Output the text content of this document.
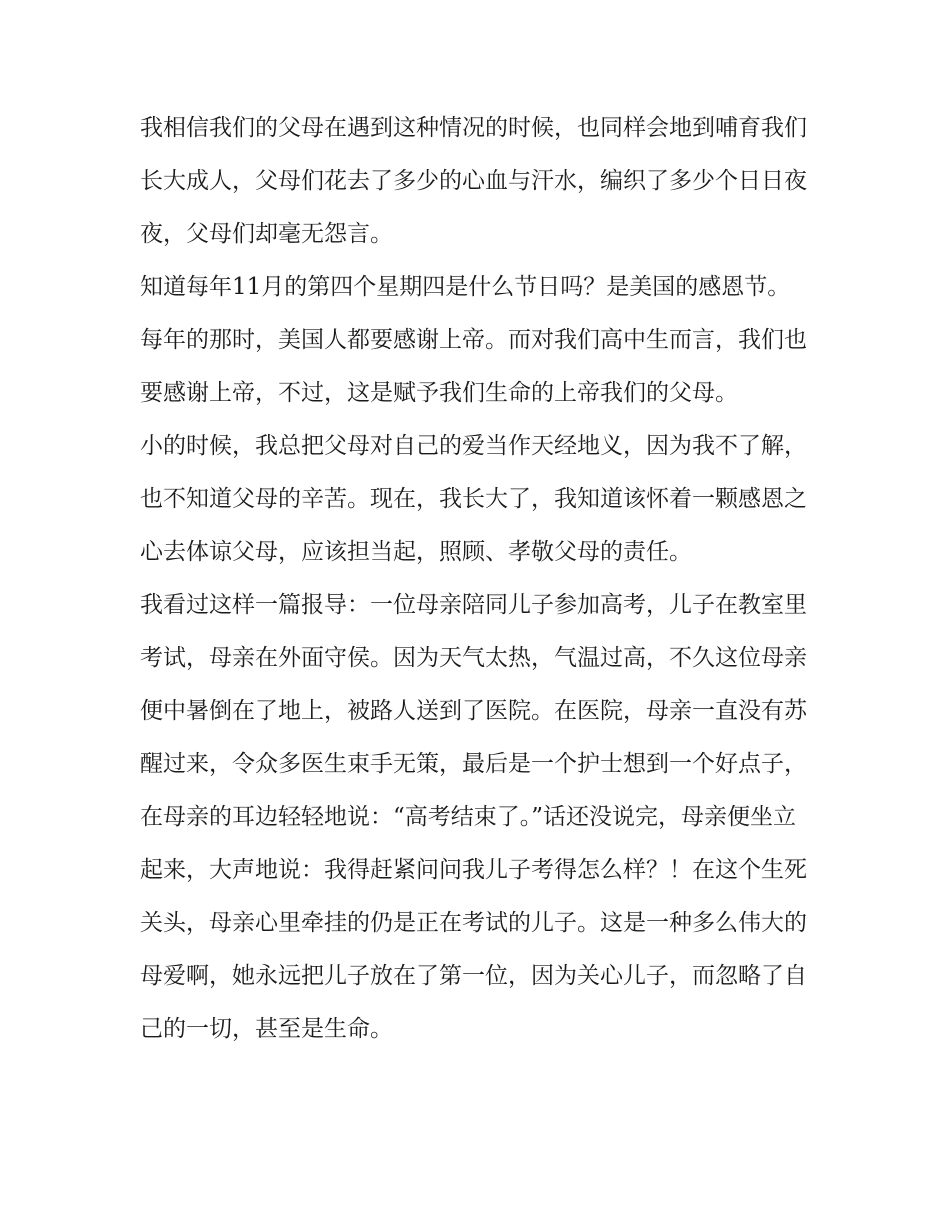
我相信我们的父母在遇到这种情况的时候，也同样会地到哺育我们长大成人，父母们花去了多少的心血与汗水，编织了多少个日日夜夜，父母们却毫无怨言。

知道每年11月的第四个星期四是什么节日吗？是美国的感恩节。每年的那时，美国人都要感谢上帝。而对我们高中生而言，我们也要感谢上帝，不过，这是赋予我们生命的上帝我们的父母。

小的时候，我总把父母对自己的爱当作天经地义，因为我不了解，也不知道父母的辛苦。现在，我长大了，我知道该怀着一颗感恩之心去体谅父母，应该担当起，照顾、孝敬父母的责任。

我看过这样一篇报导：一位母亲陪同儿子参加高考，儿子在教室里考试，母亲在外面守侯。因为天气太热，气温过高，不久这位母亲便中暑倒在了地上，被路人送到了医院。在医院，母亲一直没有苏醒过来，令众多医生束手无策，最后是一个护士想到一个好点子，在母亲的耳边轻轻地说：“高考结束了。”话还没说完，母亲便坐立起来，大声地说：我得赶紧问问我儿子考得怎么样？！在这个生死关头，母亲心里牵挂的仍是正在考试的儿子。这是一种多么伟大的母爱啊，她永远把儿子放在了第一位，因为关心儿子，而忽略了自己的一切，甚至是生命。
